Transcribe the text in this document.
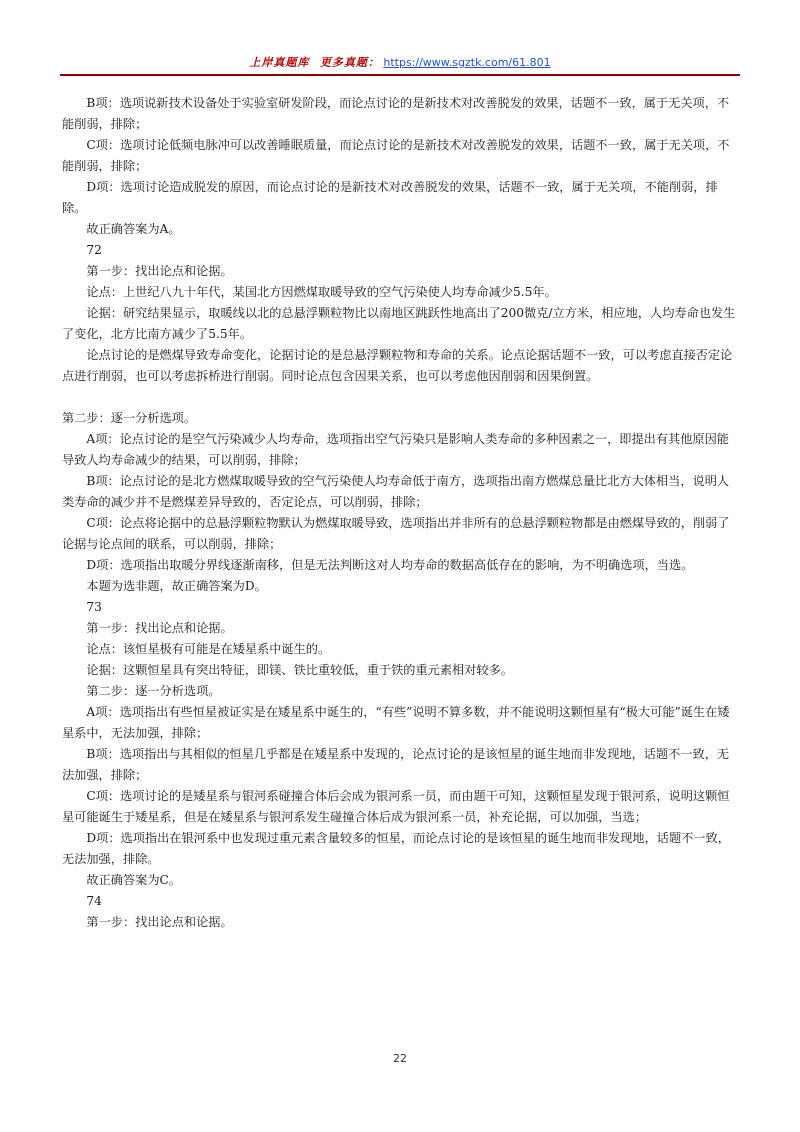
上岸真题库 更多真题： https://www.sgztk.com/61.801

B项：选项说新技术设备处于实验室研发阶段，而论点讨论的是新技术对改善脱发的效果，话题不一致，属于无关项，不能削弱，排除；

C项：选项讨论低频电脉冲可以改善睡眠质量，而论点讨论的是新技术对改善脱发的效果，话题不一致，属于无关项，不能削弱，排除；

D项：选项讨论造成脱发的原因，而论点讨论的是新技术对改善脱发的效果，话题不一致，属于无关项，不能削弱，排除。

故正确答案为A。

72

第一步：找出论点和论据。

论点：上世纪八九十年代，某国北方因燃煤取暖导致的空气污染使人均寿命减少5.5年。

论据：研究结果显示，取暖线以北的总悬浮颗粒物比以南地区跳跃性地高出了200微克/立方米，相应地，人均寿命也发生了变化，北方比南方减少了5.5年。

论点讨论的是燃煤导致寿命变化，论据讨论的是总悬浮颗粒物和寿命的关系。论点论据话题不一致，可以考虑直接否定论点进行削弱，也可以考虑拆桥进行削弱。同时论点包含因果关系，也可以考虑他因削弱和因果倒置。

第二步：逐一分析选项。

A项：论点讨论的是空气污染减少人均寿命，选项指出空气污染只是影响人类寿命的多种因素之一，即提出有其他原因能导致人均寿命减少的结果，可以削弱，排除；

B项：论点讨论的是北方燃煤取暖导致的空气污染使人均寿命低于南方，选项指出南方燃煤总量比北方大体相当，说明人类寿命的减少并不是燃煤差异导致的，否定论点，可以削弱，排除；

C项：论点将论据中的总悬浮颗粒物默认为燃煤取暖导致，选项指出并非所有的总悬浮颗粒物都是由燃煤导致的，削弱了论据与论点间的联系，可以削弱，排除；

D项：选项指出取暖分界线逐渐南移，但是无法判断这对人均寿命的数据高低存在的影响，为不明确选项，当选。

本题为选非题，故正确答案为D。

73

第一步：找出论点和论据。

论点：该恒星极有可能是在矮星系中诞生的。

论据：这颗恒星具有突出特征，即镁、铁比重较低，重于铁的重元素相对较多。

第二步：逐一分析选项。

A项：选项指出有些恒星被证实是在矮星系中诞生的，“有些”说明不算多数，并不能说明这颗恒星有“极大可能”诞生在矮星系中，无法加强，排除；

B项：选项指出与其相似的恒星几乎都是在矮星系中发现的，论点讨论的是该恒星的诞生地而非发现地，话题不一致，无法加强，排除；

C项：选项讨论的是矮星系与银河系碰撞合体后会成为银河系一员，而由题干可知，这颗恒星发现于银河系，说明这颗恒星可能诞生于矮星系，但是在矮星系与银河系发生碰撞合体后成为银河系一员，补充论据，可以加强，当选；

D项：选项指出在银河系中也发现过重元素含量较多的恒星，而论点讨论的是该恒星的诞生地而非发现地，话题不一致，无法加强，排除。

故正确答案为C。

74

第一步：找出论点和论据。

22
